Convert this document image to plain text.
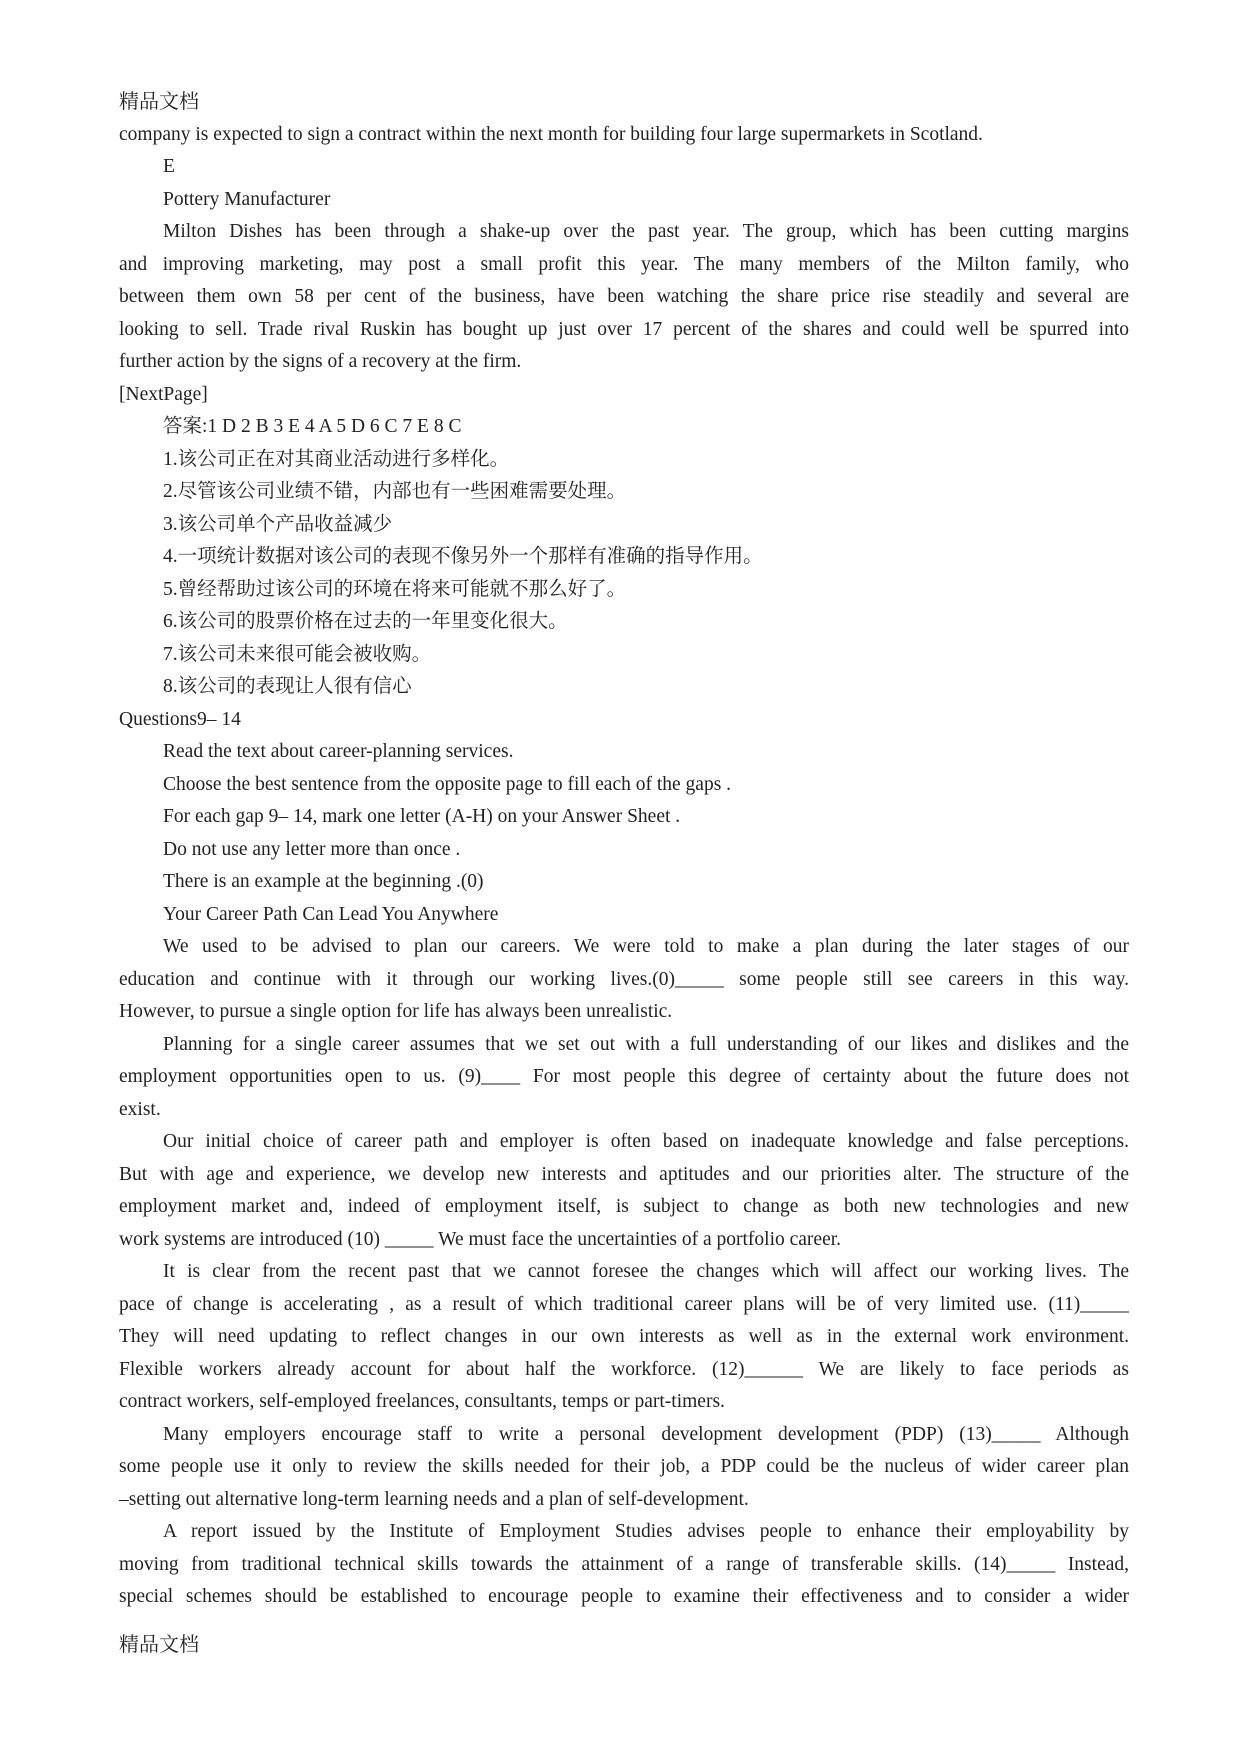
精品文档
company is expected to sign a contract within the next month for building four large supermarkets in Scotland.
E
Pottery Manufacturer
Milton Dishes has been through a shake-up over the past year. The group, which has been cutting margins
and improving marketing, may post a small profit this year. The many members of the Milton family, who
between them own 58 per cent of the business, have been watching the share price rise steadily and several are
looking to sell. Trade rival Ruskin has bought up just over 17 percent of the shares and could well be spurred into
further action by the signs of a recovery at the firm.
[NextPage]
答案:1 D 2 B 3 E 4 A 5 D 6 C 7 E 8 C
1.该公司正在对其商业活动进行多样化。
2.尽管该公司业绩不错，内部也有一些困难需要处理。
3.该公司单个产品收益减少
4.一项统计数据对该公司的表现不像另外一个那样有准确的指导作用。
5.曾经帮助过该公司的环境在将来可能就不那么好了。
6.该公司的股票价格在过去的一年里变化很大。
7.该公司未来很可能会被收购。
8.该公司的表现让人很有信心
Questions9– 14
Read the text about career-planning services.
Choose the best sentence from the opposite page to fill each of the gaps .
For each gap 9– 14, mark one letter (A-H) on your Answer Sheet .
Do not use any letter more than once .
There is an example at the beginning .(0)
Your Career Path Can Lead You Anywhere
We used to be advised to plan our careers. We were told to make a plan during the later stages of our
education and continue with it through our working lives.(0)_____ some people still see careers in this way.
However, to pursue a single option for life has always been unrealistic.
Planning for a single career assumes that we set out with a full understanding of our likes and dislikes and the
employment opportunities open to us. (9)____ For most people this degree of certainty about the future does not
exist.
Our initial choice of career path and employer is often based on inadequate knowledge and false perceptions.
But with age and experience, we develop new interests and aptitudes and our priorities alter. The structure of the
employment market and, indeed of employment itself, is subject to change as both new technologies and new
work systems are introduced (10) _____ We must face the uncertainties of a portfolio career.
It is clear from the recent past that we cannot foresee the changes which will affect our working lives. The
pace of change is accelerating , as a result of which traditional career plans will be of very limited use. (11)_____
They will need updating to reflect changes in our own interests as well as in the external work environment.
Flexible workers already account for about half the workforce. (12)______ We are likely to face periods as
contract workers, self-employed freelances, consultants, temps or part-timers.
Many employers encourage staff to write a personal development development (PDP) (13)_____ Although
some people use it only to review the skills needed for their job, a PDP could be the nucleus of wider career plan
–setting out alternative long-term learning needs and a plan of self-development.
A report issued by the Institute of Employment Studies advises people to enhance their employability by
moving from traditional technical skills towards the attainment of a range of transferable skills. (14)_____ Instead,
special schemes should be established to encourage people to examine their effectiveness and to consider a wider
精品文档
